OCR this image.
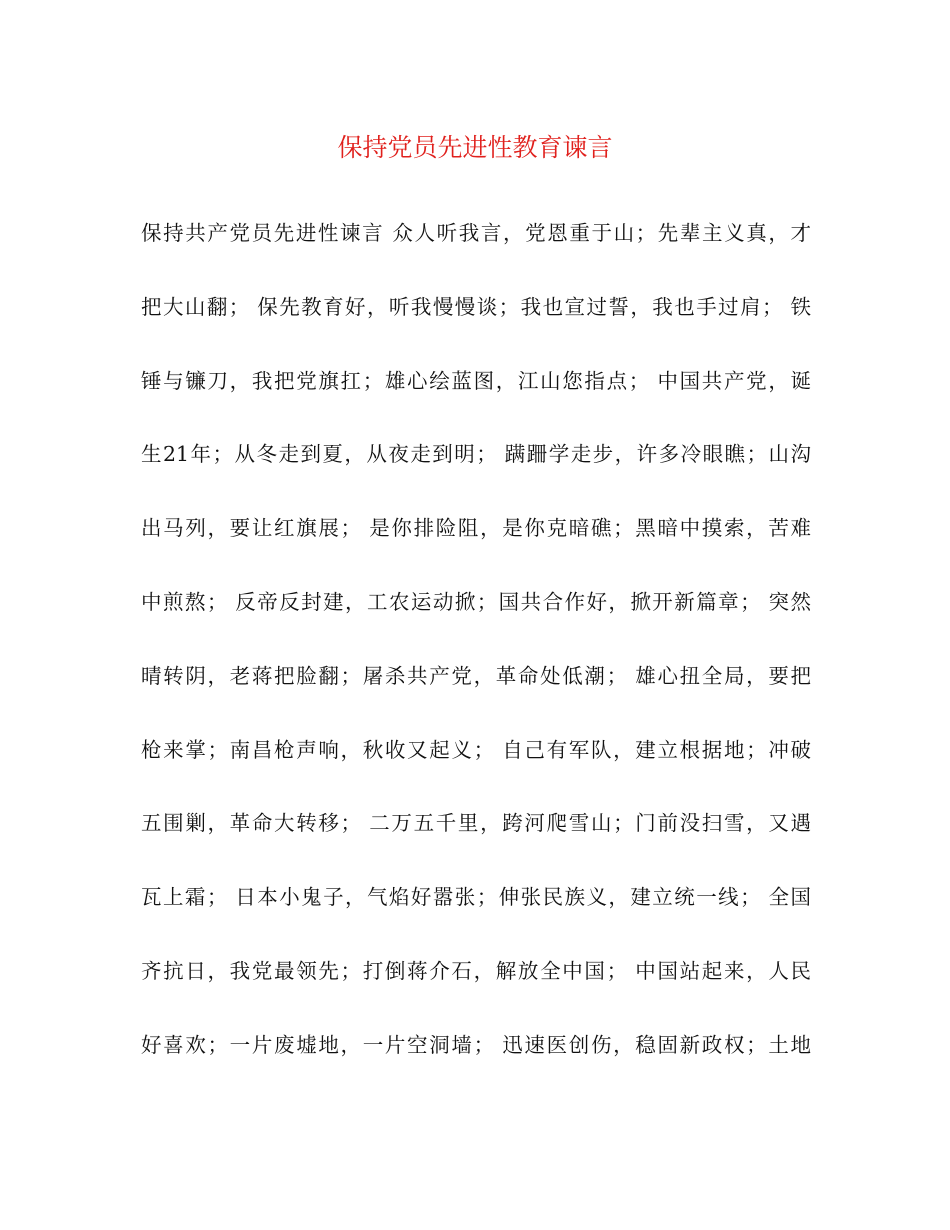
保持党员先进性教育谏言
保持共产党员先进性谏言 众人听我言，党恩重于山；先辈主义真，才
把大山翻； 保先教育好，听我慢慢谈；我也宣过誓，我也手过肩； 铁
锤与镰刀，我把党旗扛；雄心绘蓝图，江山您指点； 中国共产党，诞
生21年；从冬走到夏，从夜走到明； 蹒跚学走步，许多冷眼瞧；山沟
出马列，要让红旗展； 是你排险阻，是你克暗礁；黑暗中摸索，苦难
中煎熬； 反帝反封建，工农运动掀；国共合作好，掀开新篇章； 突然
晴转阴，老蒋把脸翻；屠杀共产党，革命处低潮； 雄心扭全局，要把
枪来掌；南昌枪声响，秋收又起义； 自己有军队，建立根据地；冲破
五围剿，革命大转移； 二万五千里，跨河爬雪山；门前没扫雪，又遇
瓦上霜； 日本小鬼子，气焰好嚣张；伸张民族义，建立统一线； 全国
齐抗日，我党最领先；打倒蒋介石，解放全中国； 中国站起来，人民
好喜欢；一片废墟地，一片空洞墙； 迅速医创伤，稳固新政权；土地
